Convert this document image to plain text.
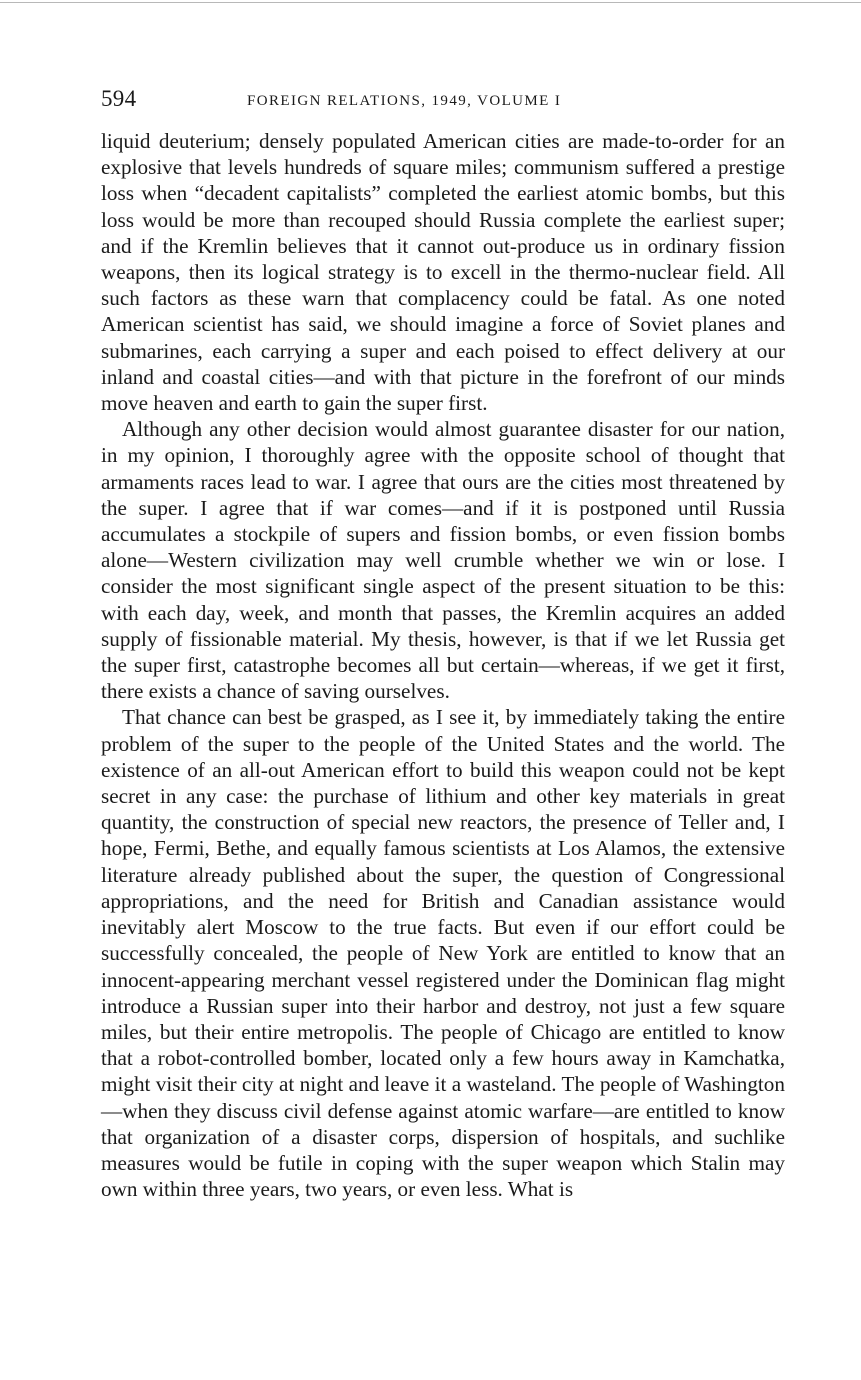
594	FOREIGN RELATIONS, 1949, VOLUME I

liquid deuterium; densely populated American cities are made-to-order for an explosive that levels hundreds of square miles; communism suffered a prestige loss when “decadent capitalists” completed the earliest atomic bombs, but this loss would be more than recouped should Russia complete the earliest super; and if the Kremlin believes that it cannot out-produce us in ordinary fission weapons, then its logical strategy is to excell in the thermo-nuclear field. All such factors as these warn that complacency could be fatal. As one noted American scientist has said, we should imagine a force of Soviet planes and submarines, each carrying a super and each poised to effect delivery at our inland and coastal cities—and with that picture in the forefront of our minds move heaven and earth to gain the super first.

Although any other decision would almost guarantee disaster for our nation, in my opinion, I thoroughly agree with the opposite school of thought that armaments races lead to war. I agree that ours are the cities most threatened by the super. I agree that if war comes—and if it is postponed until Russia accumulates a stockpile of supers and fission bombs, or even fission bombs alone—Western civilization may well crumble whether we win or lose. I consider the most significant single aspect of the present situation to be this: with each day, week, and month that passes, the Kremlin acquires an added supply of fissionable material. My thesis, however, is that if we let Russia get the super first, catastrophe becomes all but certain—whereas, if we get it first, there exists a chance of saving ourselves.

That chance can best be grasped, as I see it, by immediately taking the entire problem of the super to the people of the United States and the world. The existence of an all-out American effort to build this weapon could not be kept secret in any case: the purchase of lithium and other key materials in great quantity, the construction of special new reactors, the presence of Teller and, I hope, Fermi, Bethe, and equally famous scientists at Los Alamos, the extensive literature already published about the super, the question of Congressional appropriations, and the need for British and Canadian assistance would inevitably alert Moscow to the true facts. But even if our effort could be successfully concealed, the people of New York are entitled to know that an innocent-appearing merchant vessel registered under the Dominican flag might introduce a Russian super into their harbor and destroy, not just a few square miles, but their entire metropolis. The people of Chicago are entitled to know that a robot-controlled bomber, located only a few hours away in Kamchatka, might visit their city at night and leave it a wasteland. The people of Washington—when they discuss civil defense against atomic warfare—are entitled to know that organization of a disaster corps, dispersion of hospitals, and suchlike measures would be futile in coping with the super weapon which Stalin may own within three years, two years, or even less. What is
